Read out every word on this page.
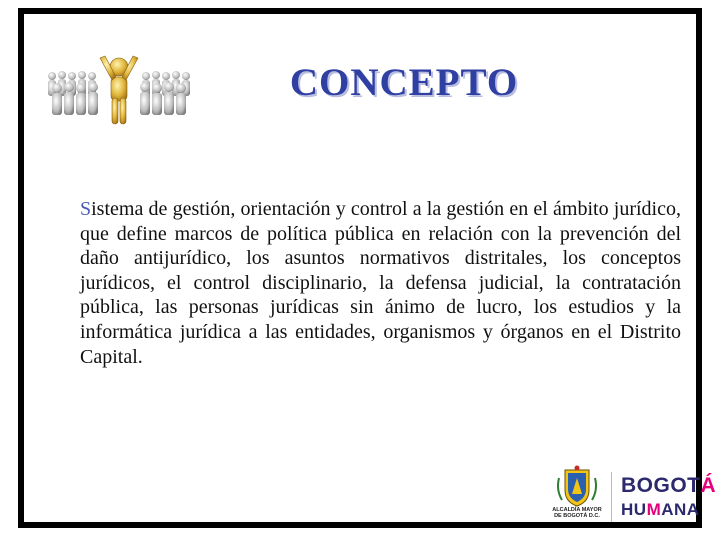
CONCEPTO
Sistema de gestión, orientación y control a la gestión en el ámbito jurídico, que define marcos de política pública en relación con la prevención del daño antijurídico, los asuntos normativos distritales, los conceptos jurídicos, el control disciplinario, la defensa judicial, la contratación pública, las personas jurídicas sin ánimo de lucro, los estudios y la informática jurídica a las entidades, organismos y órganos en el Distrito Capital.
ALCALDÍA MAYOR
DE BOGOTÁ D.C.
BOGOTÁ
HUMANA
